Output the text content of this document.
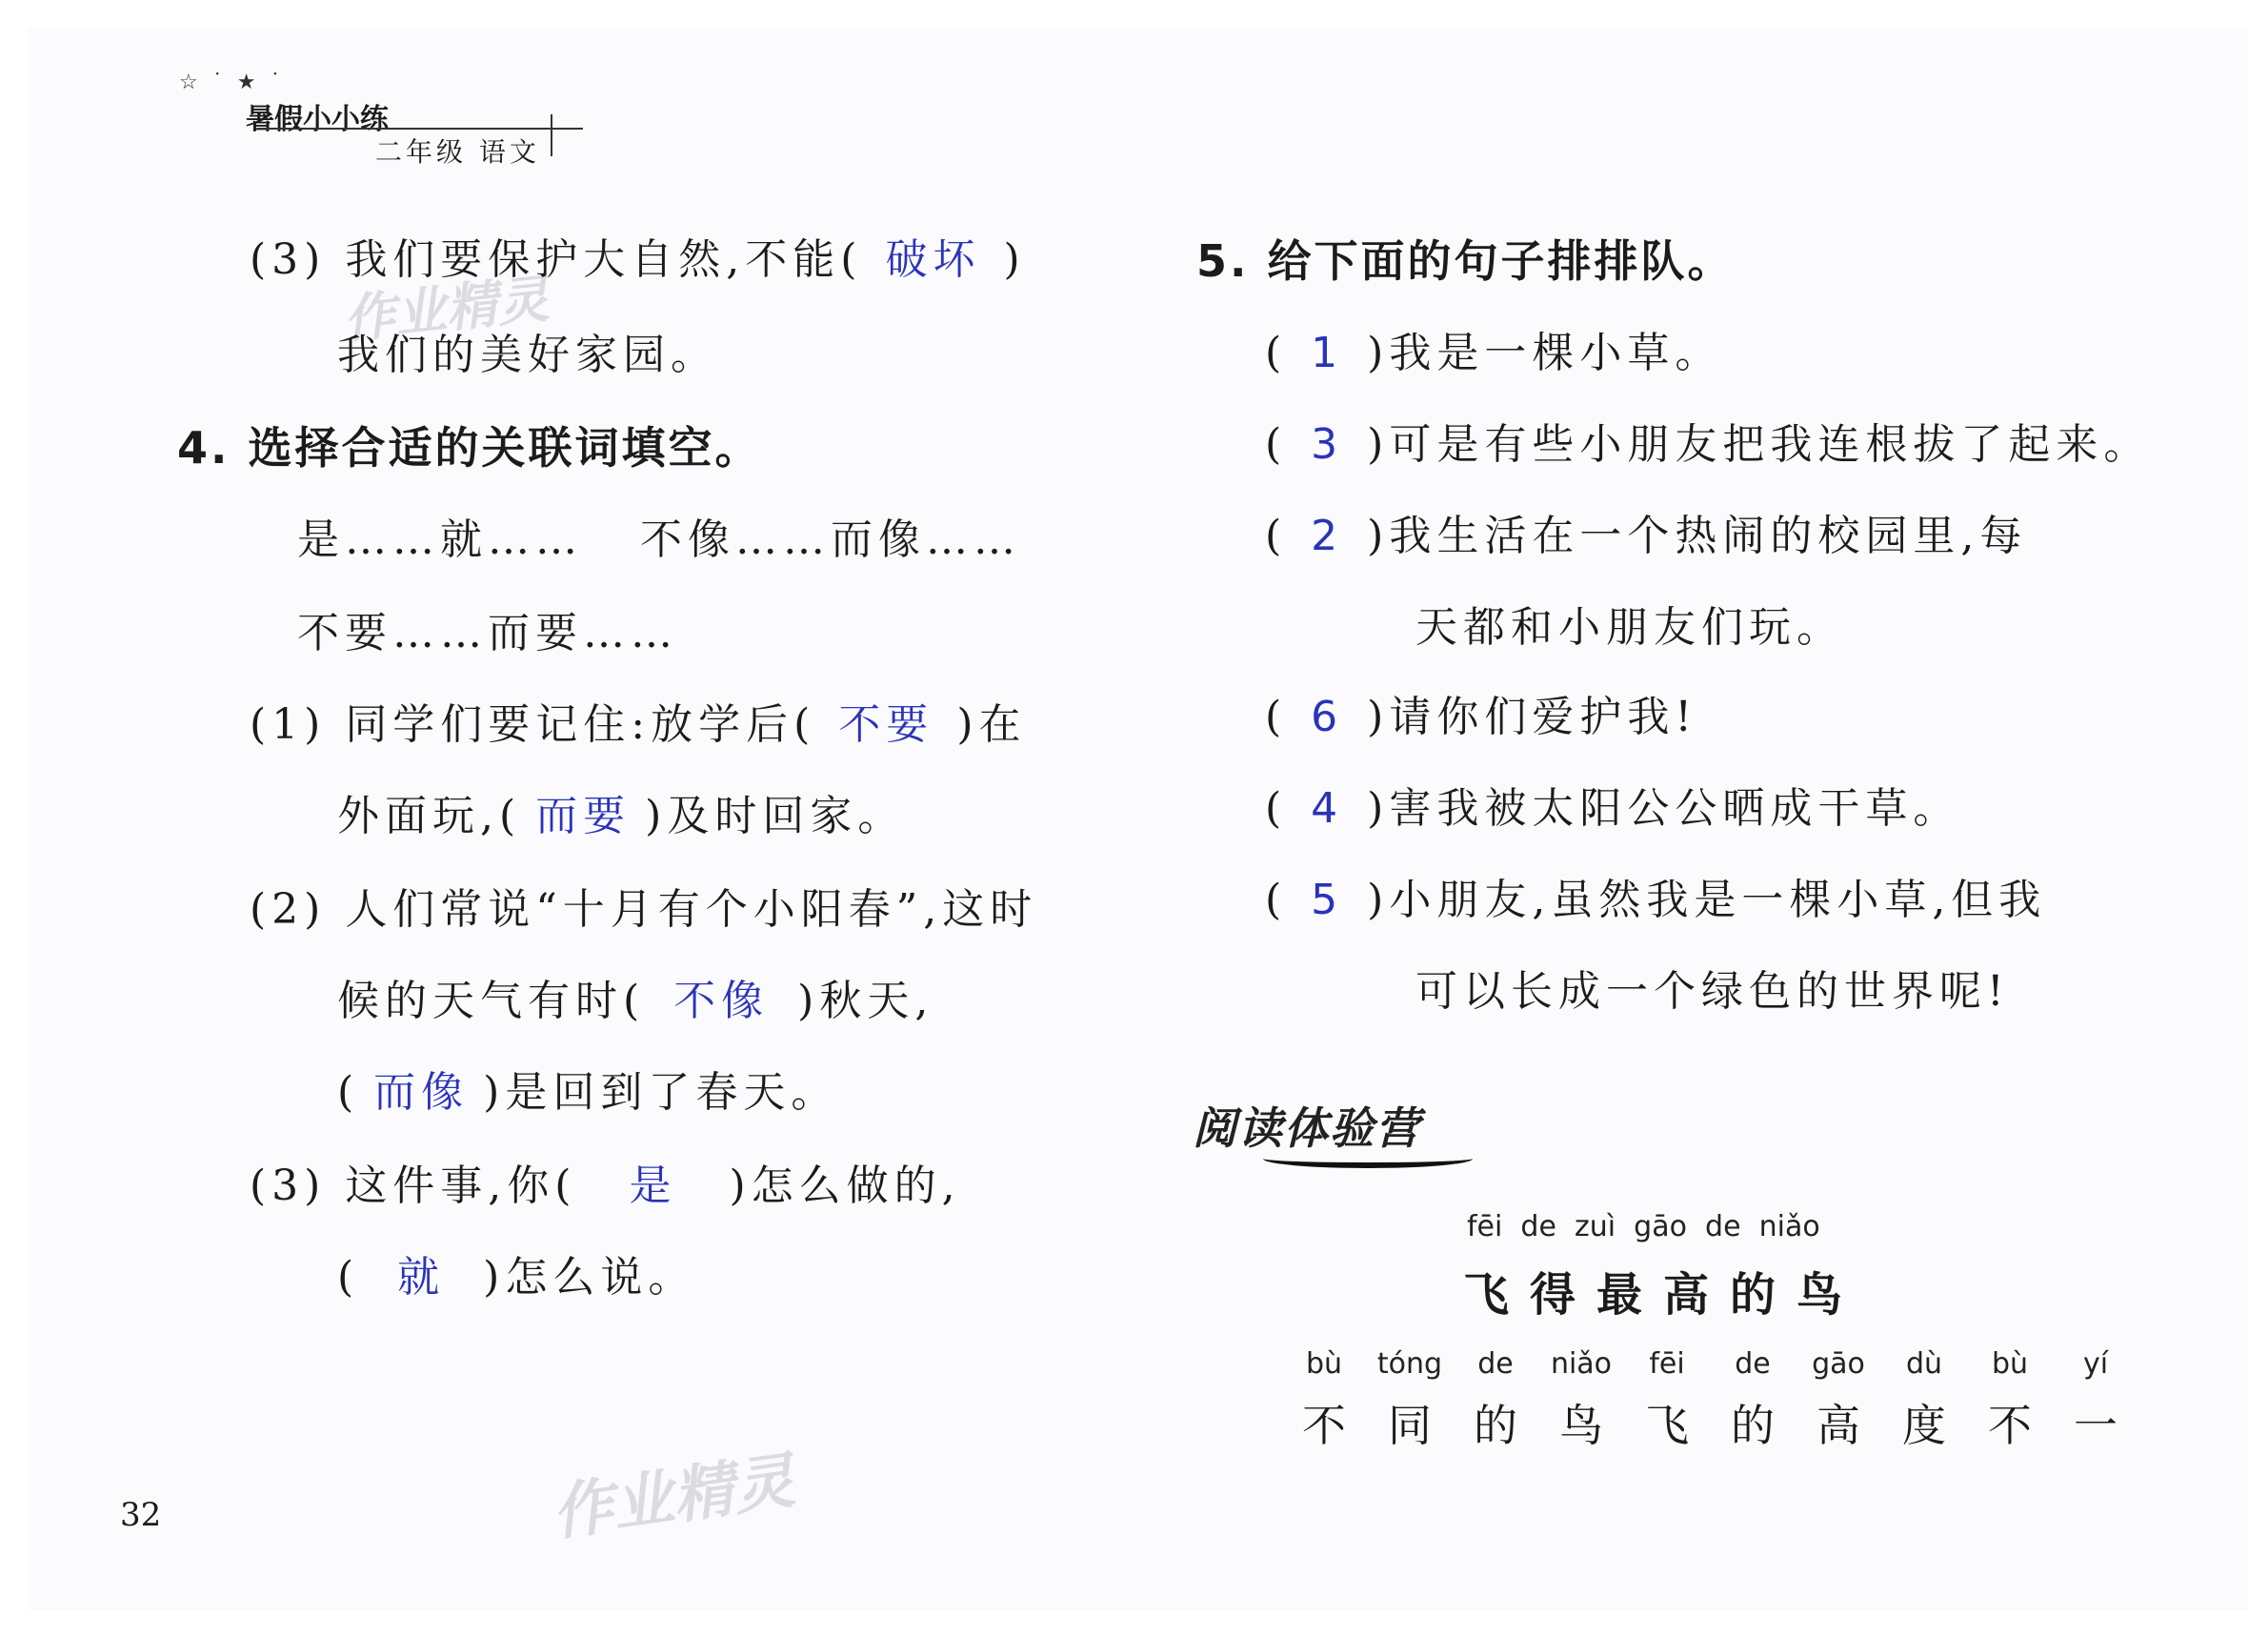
☆ ˙ ★ ˙
暑假小小练
二年级 语文
作业精灵
作业精灵
(3) 我们要保护大自然,不能( 破坏 )
我们的美好家园。
4. 选择合适的关联词填空。
是……就……   不像……而像……
不要……而要……
(1) 同学们要记住:放学后( 不要 )在
外面玩,( 而要 )及时回家。
(2) 人们常说“十月有个小阳春”,这时
候的天气有时( 不像 )秋天,
( 而像 )是回到了春天。
(3) 这件事,你( 是 )怎么做的,
( 就 )怎么说。
5. 给下面的句子排排队。
( 1 )我是一棵小草。
( 3 )可是有些小朋友把我连根拔了起来。
( 2 )我生活在一个热闹的校园里,每
天都和小朋友们玩。
( 6 )请你们爱护我!
( 4 )害我被太阳公公晒成干草。
( 5 )小朋友,虽然我是一棵小草,但我
可以长成一个绿色的世界呢!
阅读体验营
fēi  de  zuì  gāo  de  niǎo
飞得最高的鸟
bù
不
tóng
同
de
的
niǎo
鸟
fēi
飞
de
的
gāo
高
dù
度
bù
不
yí
一
32
